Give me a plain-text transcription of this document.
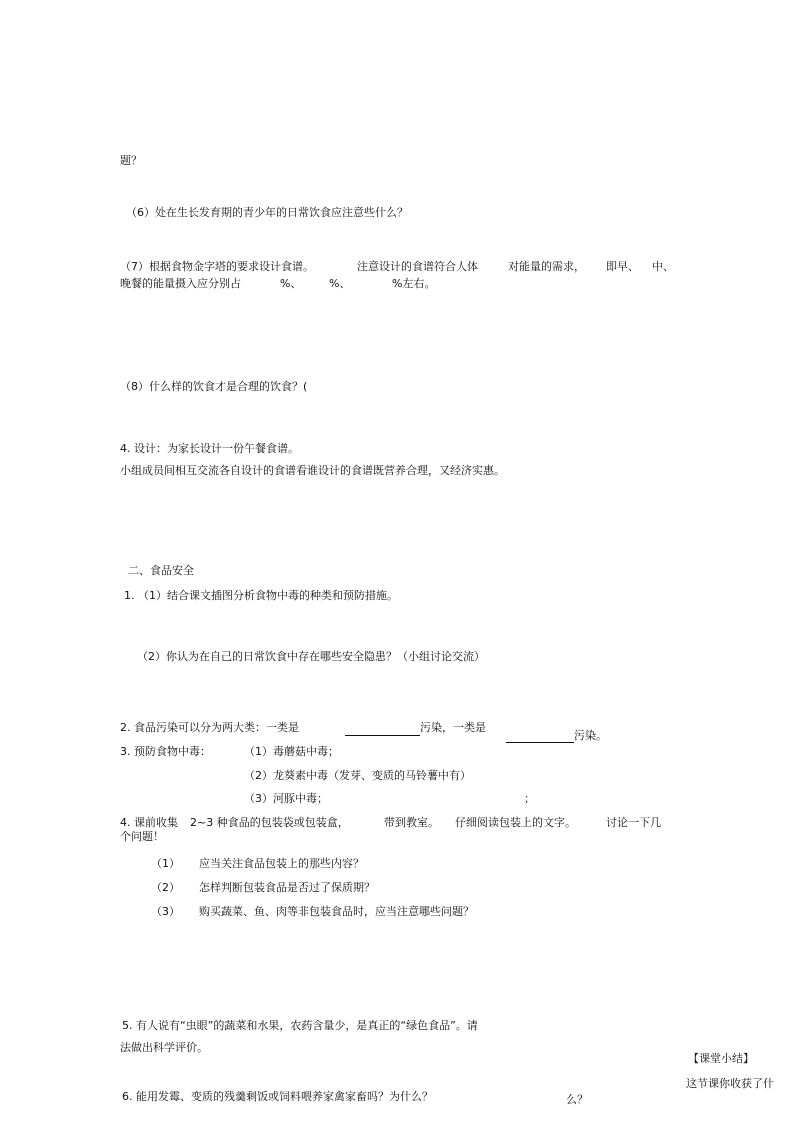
题？
（6）处在生长发育期的青少年的日常饮食应注意些什么？
（7）根据食物金字塔的要求设计食谱。	注意设计的食谱符合人体	对能量的需求， 即早、 中、
晚餐的能量摄入应分别占	%、	%、	%左右。
（8）什么样的饮食才是合理的饮食？(
4. 设计：为家长设计一份午餐食谱。
小组成员间相互交流各自设计的食谱看谁设计的食谱既营养合理，又经济实惠。
二、食品安全
1. （1）结合课文插图分析食物中毒的种类和预防措施。
（2）你认为在自己的日常饮食中存在哪些安全隐患？（小组讨论交流）
2. 食品污染可以分为两大类：一类是	污染，一类是
污染。
3. 预防食物中毒：	（1）毒蘑菇中毒；
（2）龙葵素中毒（发芽、变质的马铃薯中有）
（3）河豚中毒；	；
4. 课前收集 2~3 种食品的包装袋或包装盒，	带到教室。 仔细阅读包装上的文字。	讨论一下几
个问题！
（1） 应当关注食品包装上的那些内容？
（2） 怎样判断包装食品是否过了保质期？
（3） 购买蔬菜、鱼、肉等非包装食品时，应当注意哪些问题？
5. 有人说有“虫眼”的蔬菜和水果，农药含量少，是真正的“绿色食品”。请
法做出科学评价。
【课堂小结】
这节课你收获了什
6. 能用发霉、变质的残羹剩饭或饲料喂养家禽家畜吗？为什么？	么？
